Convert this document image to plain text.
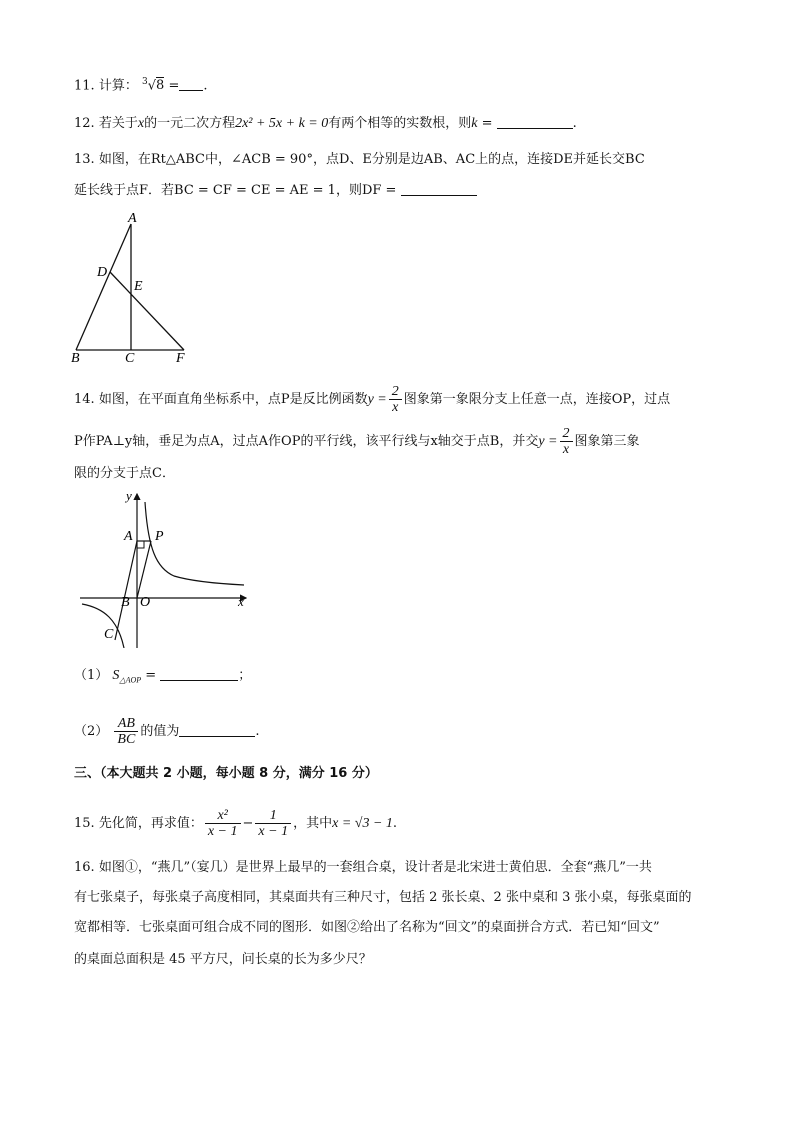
11. 计算： $^3$√8 = .
12. 若关于x的一元二次方程2x² + 5x + k = 0有两个相等的实数根，则k =	.
13. 如图，在Rt△ABC中，∠ACB = 90°，点D、E分别是边AB、AC上的点，连接DE并延长交BC
延长线于点F．若BC = CF = CE = AE = 1，则DF =
A
D
E
B	C	F
14. 如图，在平面直角坐标系中，点P是反比例函数$y = \frac{2}{x}$ 图象第一象限分支上任意一点，连接OP，过点
P作PA⊥y轴，垂足为点A，过点A作OP的平行线，该平行线与x轴交于点B，并交$y = \frac{2}{x}$ 图象第三象
限的分支于点C．
y
x
A P
B O
C
（1） $S_{\triangle AOP}$ =	；
$(2) \frac{AB}{BC}$ 的值为	.
三、（本大题共 2 小题，每小题 8 分，满分 16 分）
15. 先化简，再求值： $\frac{\text{x²}}{x - 1} - \frac{1}{x - 1}$ ，其中x = √3 − 1.
16. 如图①，“燕几”（宴几）是世界上最早的一套组合桌，设计者是北宋进士黄伯思．全套“燕几”一共
有七张桌子，每张桌子高度相同，其桌面共有三种尺寸，包括 2 张长桌、2 张中桌和 3 张小桌，每张桌面的
宽都相等．七张桌面可组合成不同的图形．如图②给出了名称为“回文”的桌面拼合方式．若已知“回文”
的桌面总面积是 45 平方尺，问长桌的长为多少尺？
